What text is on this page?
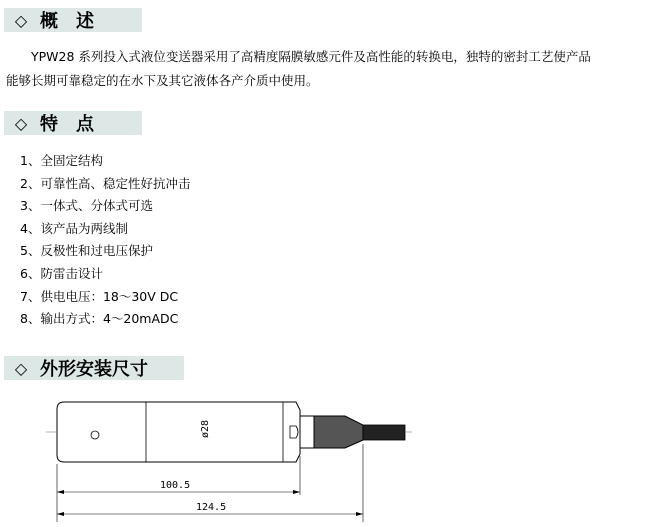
◇ 概　述
　　YPW28 系列投入式液位变送器采用了高精度隔膜敏感元件及高性能的转换电，独特的密封工艺使产品
能够长期可靠稳定的在水下及其它液体各产介质中使用。
◇ 特　点
1、全固定结构
2、可靠性高、稳定性好抗冲击
3、一体式、分体式可选
4、该产品为两线制
5、反极性和过电压保护
6、防雷击设计
7、供电电压：18～30V DC
8、输出方式：4～20mADC
◇ 外形安装尺寸
ø28
100.5
124.5
